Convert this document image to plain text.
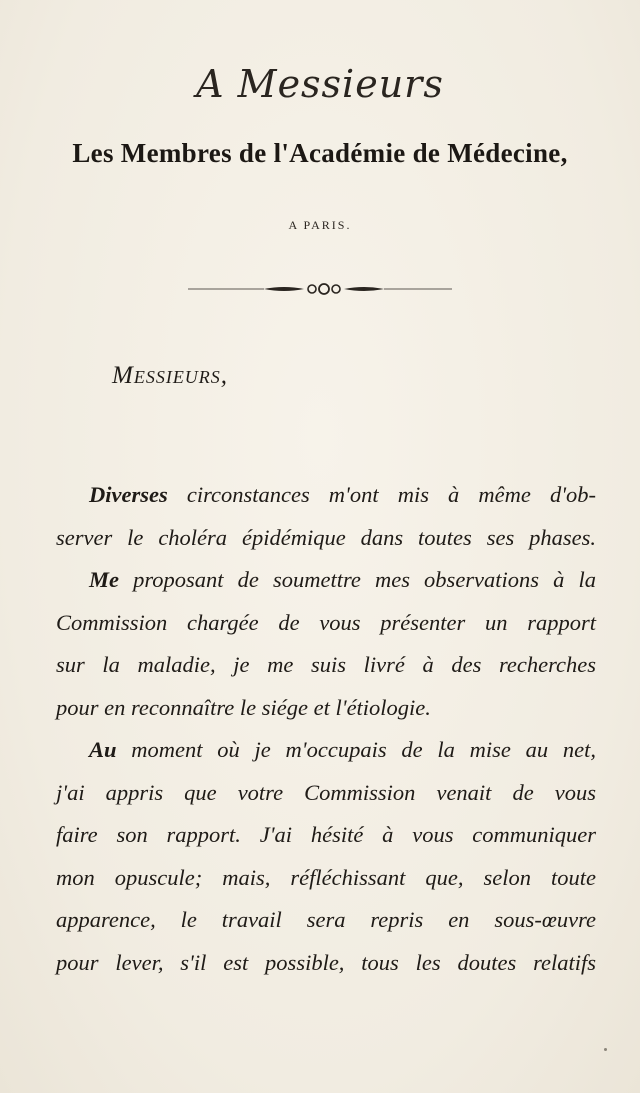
A Messieurs
Les Membres de l'Académie de Médecine,
A PARIS.
Messieurs,
Diverses circonstances m'ont mis à même d'ob-
server le choléra épidémique dans toutes ses phases.
Me proposant de soumettre mes observations à la
Commission chargée de vous présenter un rapport
sur la maladie, je me suis livré à des recherches
pour en reconnaître le siége et l'étiologie.
Au moment où je m'occupais de la mise au net,
j'ai appris que votre Commission venait de vous
faire son rapport. J'ai hésité à vous communiquer
mon opuscule; mais, réfléchissant que, selon toute
apparence, le travail sera repris en sous-œuvre
pour lever, s'il est possible, tous les doutes relatifs
